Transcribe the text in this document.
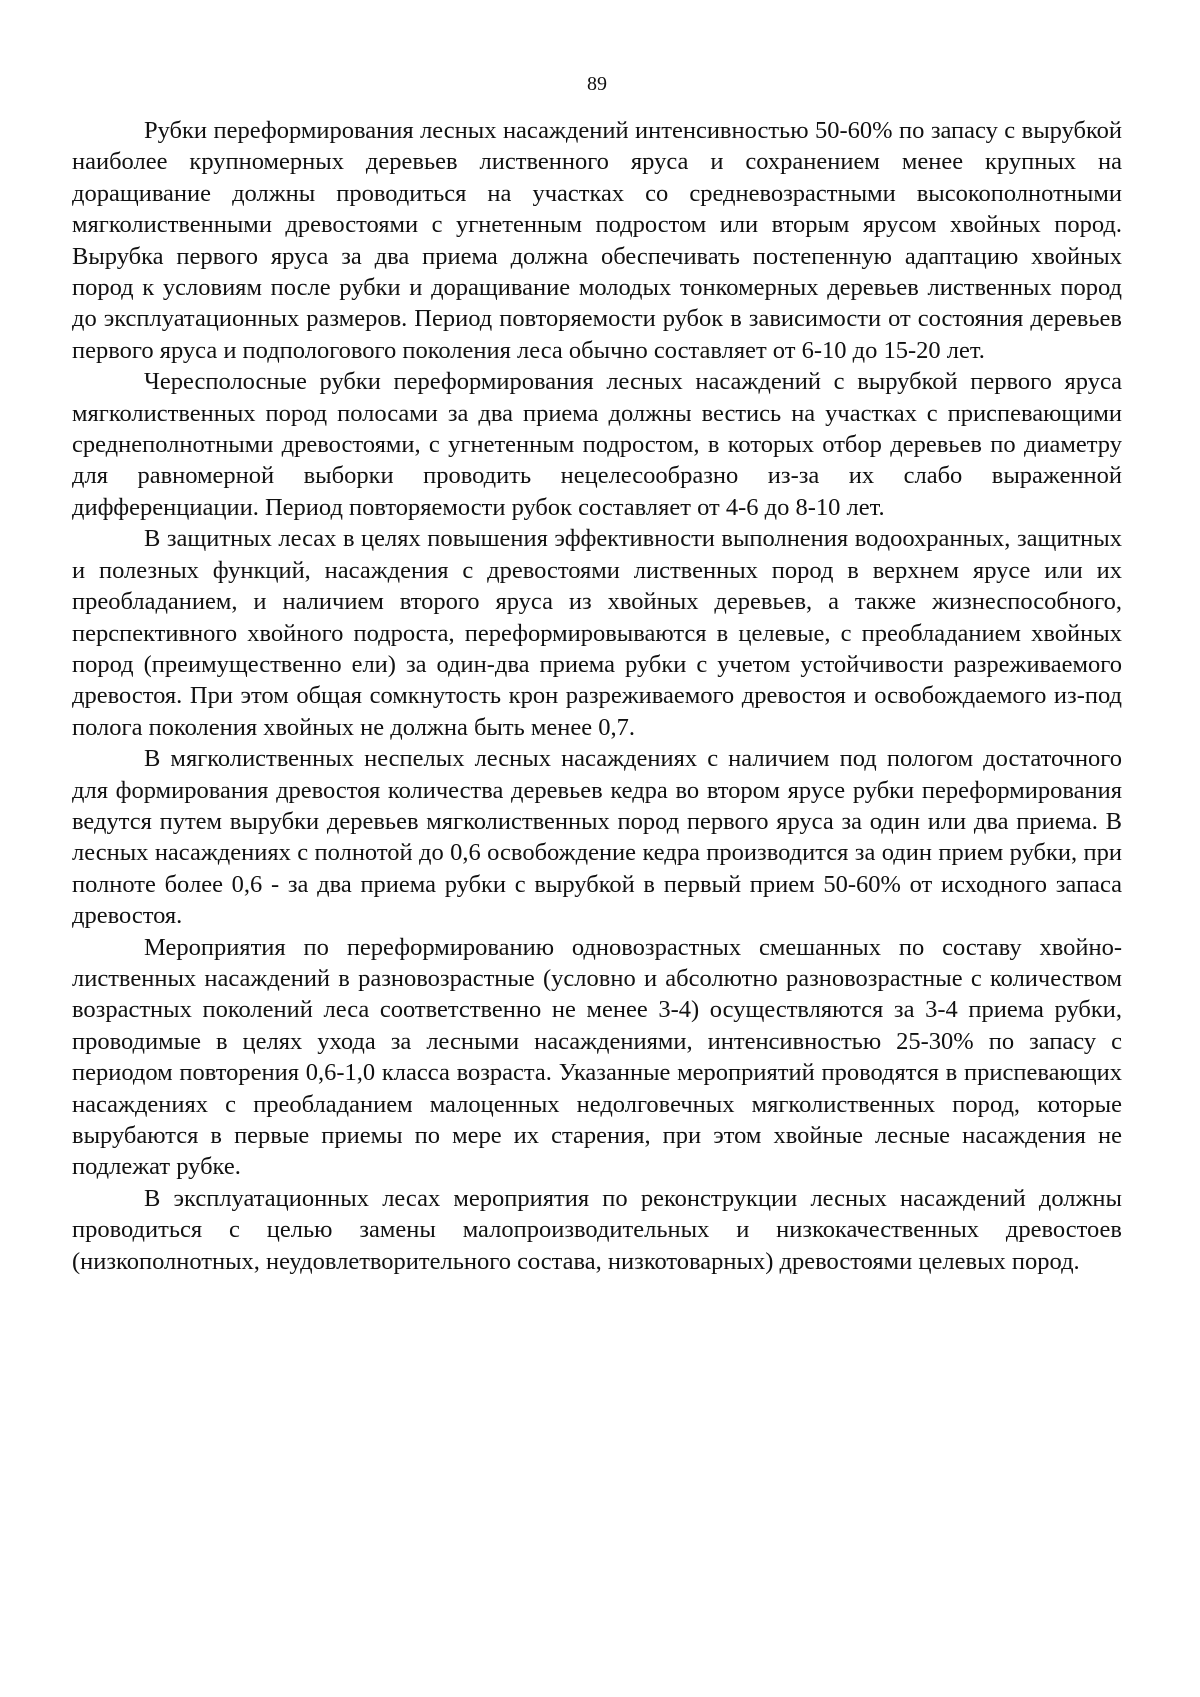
89

Рубки переформирования лесных насаждений интенсивностью 50-60% по запасу с вырубкой наиболее крупномерных деревьев лиственного яруса и сохранением менее крупных на доращивание должны проводиться на участках со средневозрастными высокополнотными мягколиственными древостоями с угнетенным подростом или вторым ярусом хвойных пород. Вырубка первого яруса за два приема должна обеспечивать постепенную адаптацию хвойных пород к условиям после рубки и доращивание молодых тонкомерных деревьев лиственных пород до эксплуатационных размеров. Период повторяемости рубок в зависимости от состояния деревьев первого яруса и подпологового поколения леса обычно составляет от 6-10 до 15-20 лет.

Чересполосные рубки переформирования лесных насаждений с вырубкой первого яруса мягколиственных пород полосами за два приема должны вестись на участках с приспевающими среднеполнотными древостоями, с угнетенным подростом, в которых отбор деревьев по диаметру для равномерной выборки проводить нецелесообразно из-за их слабо выраженной дифференциации. Период повторяемости рубок составляет от 4-6 до 8-10 лет.

В защитных лесах в целях повышения эффективности выполнения водоохранных, защитных и полезных функций, насаждения с древостоями лиственных пород в верхнем ярусе или их преобладанием, и наличием второго яруса из хвойных деревьев, а также жизнеспособного, перспективного хвойного подроста, переформировываются в целевые, с преобладанием хвойных пород (преимущественно ели) за один-два приема рубки с учетом устойчивости разреживаемого древостоя. При этом общая сомкнутость крон разреживаемого древостоя и освобождаемого из-под полога поколения хвойных не должна быть менее 0,7.

В мягколиственных неспелых лесных насаждениях с наличием под пологом достаточного для формирования древостоя количества деревьев кедра во втором ярусе рубки переформирования ведутся путем вырубки деревьев мягколиственных пород первого яруса за один или два приема. В лесных насаждениях с полнотой до 0,6 освобождение кедра производится за один прием рубки, при полноте более 0,6 - за два приема рубки с вырубкой в первый прием 50-60% от исходного запаса древостоя.

Мероприятия по переформированию одновозрастных смешанных по составу хвойно-лиственных насаждений в разновозрастные (условно и абсолютно разновозрастные с количеством возрастных поколений леса соответственно не менее 3-4) осуществляются за 3-4 приема рубки, проводимые в целях ухода за лесными насаждениями, интенсивностью 25-30% по запасу с периодом повторения 0,6-1,0 класса возраста. Указанные мероприятий проводятся в приспевающих насаждениях с преобладанием малоценных недолговечных мягколиственных пород, которые вырубаются в первые приемы по мере их старения, при этом хвойные лесные насаждения не подлежат рубке.

В эксплуатационных лесах мероприятия по реконструкции лесных насаждений должны проводиться с целью замены малопроизводительных и низкокачественных древостоев (низкополнотных, неудовлетворительного состава, низкотоварных) древостоями целевых пород.
